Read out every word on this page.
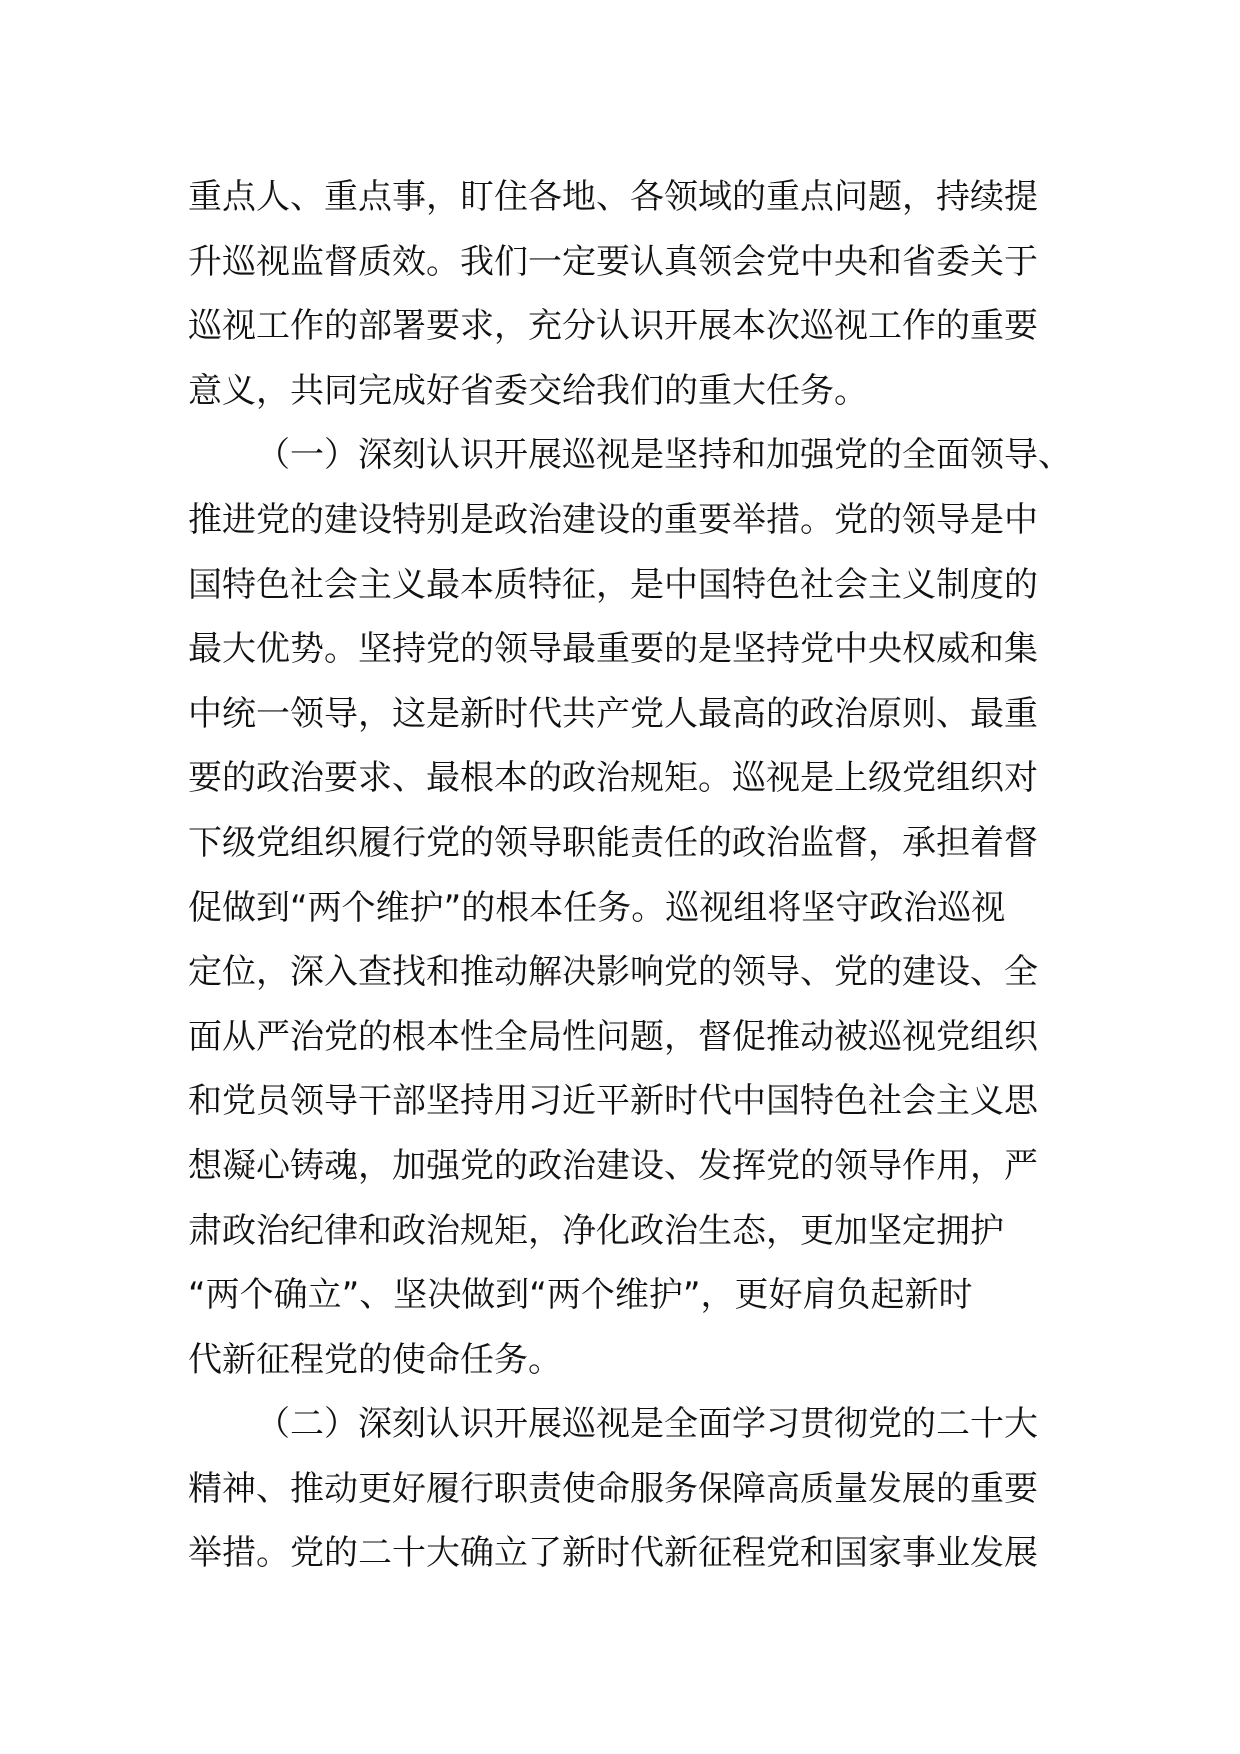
重点人、重点事，盯住各地、各领域的重点问题，持续提
升巡视监督质效。我们一定要认真领会党中央和省委关于
巡视工作的部署要求，充分认识开展本次巡视工作的重要
意义，共同完成好省委交给我们的重大任务。
（一）深刻认识开展巡视是坚持和加强党的全面领导、
推进党的建设特别是政治建设的重要举措。党的领导是中
国特色社会主义最本质特征，是中国特色社会主义制度的
最大优势。坚持党的领导最重要的是坚持党中央权威和集
中统一领导，这是新时代共产党人最高的政治原则、最重
要的政治要求、最根本的政治规矩。巡视是上级党组织对
下级党组织履行党的领导职能责任的政治监督，承担着督
促做到“两个维护”的根本任务。巡视组将坚守政治巡视
定位，深入查找和推动解决影响党的领导、党的建设、全
面从严治党的根本性全局性问题，督促推动被巡视党组织
和党员领导干部坚持用习近平新时代中国特色社会主义思
想凝心铸魂，加强党的政治建设、发挥党的领导作用，严
肃政治纪律和政治规矩，净化政治生态，更加坚定拥护
“两个确立”、坚决做到“两个维护”，更好肩负起新时
代新征程党的使命任务。
（二）深刻认识开展巡视是全面学习贯彻党的二十大
精神、推动更好履行职责使命服务保障高质量发展的重要
举措。党的二十大确立了新时代新征程党和国家事业发展
